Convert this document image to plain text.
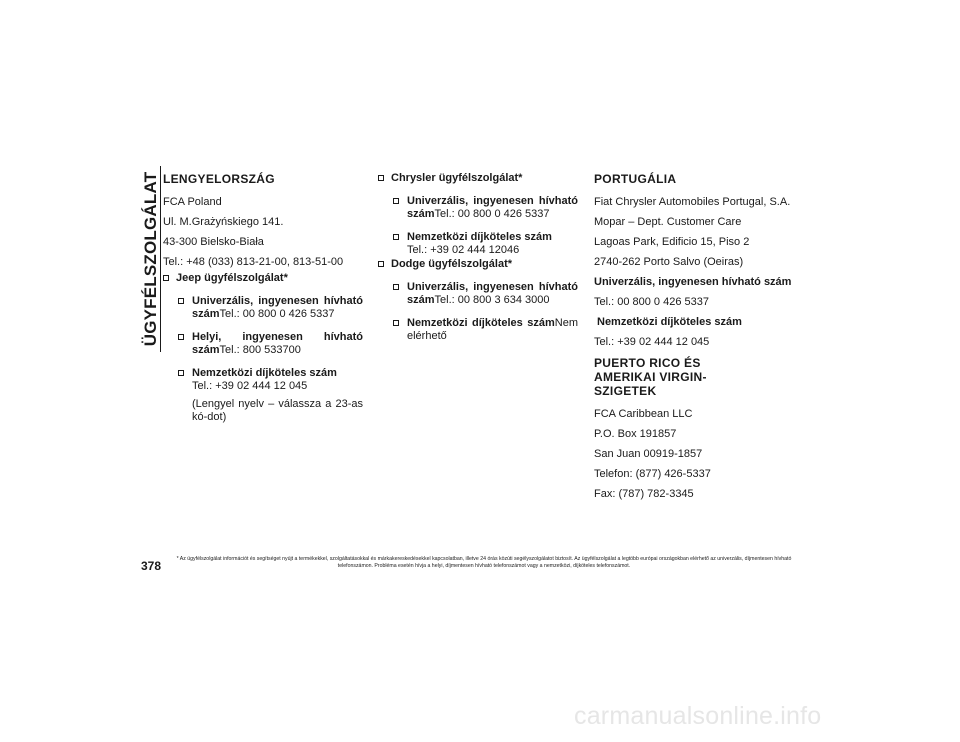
ÜGYFÉLSZOLGÁLAT LENGYELORSZÁG
FCA Poland
Ul. M.Grażyńskiego 141.
43-300 Bielsko-Biała
Tel.: +48 (033) 813-21-00, 813-51-00
Jeep ügyfélszolgálat*
Univerzális, ingyenesen hívható számTel.: 00 800 0 426 5337
Helyi, ingyenesen hívható számTel.: 800 533700
Nemzetközi díjköteles szám
Tel.: +39 02 444 12 045
(Lengyel nyelv – válassza a 23-as kó-dot)
Chrysler ügyfélszolgálat*
Univerzális, ingyenesen hívható számTel.: 00 800 0 426 5337
Nemzetközi díjköteles szám
Tel.: +39 02 444 12046
Dodge ügyfélszolgálat*
Univerzális, ingyenesen hívható számTel.: 00 800 3 634 3000
Nemzetközi díjköteles számNem elérhető
PORTUGÁLIA
Fiat Chrysler Automobiles Portugal, S.A.
Mopar – Dept. Customer Care
Lagoas Park, Edificio 15, Piso 2
2740-262 Porto Salvo (Oeiras)
Univerzális, ingyenesen hívható szám
Tel.: 00 800 0 426 5337
Nemzetközi díjköteles szám
Tel.: +39 02 444 12 045
PUERTO RICO ÉS AMERIKAI VIRGIN-SZIGETEK
FCA Caribbean LLC
P.O. Box 191857
San Juan 00919-1857
Telefon: (877) 426-5337
Fax: (787) 782-3345
378	* Az ügyfélszolgálat információt és segítséget nyújt a termékekkel, szolgáltatásokkal és márkakereskedésekkel kapcsolatban, illetve 24 órás közúti segélyszolgálatot biztosít. Az ügyfélszolgálat a legtöbb európai országokban elérhető az univerzális, díjmentesen hívható telefonszámon. Probléma esetén hívja a helyi, díjmentesen hívható telefonszámot vagy a nemzetközi, díjköteles telefonszámot.
carmanualsonline.info
